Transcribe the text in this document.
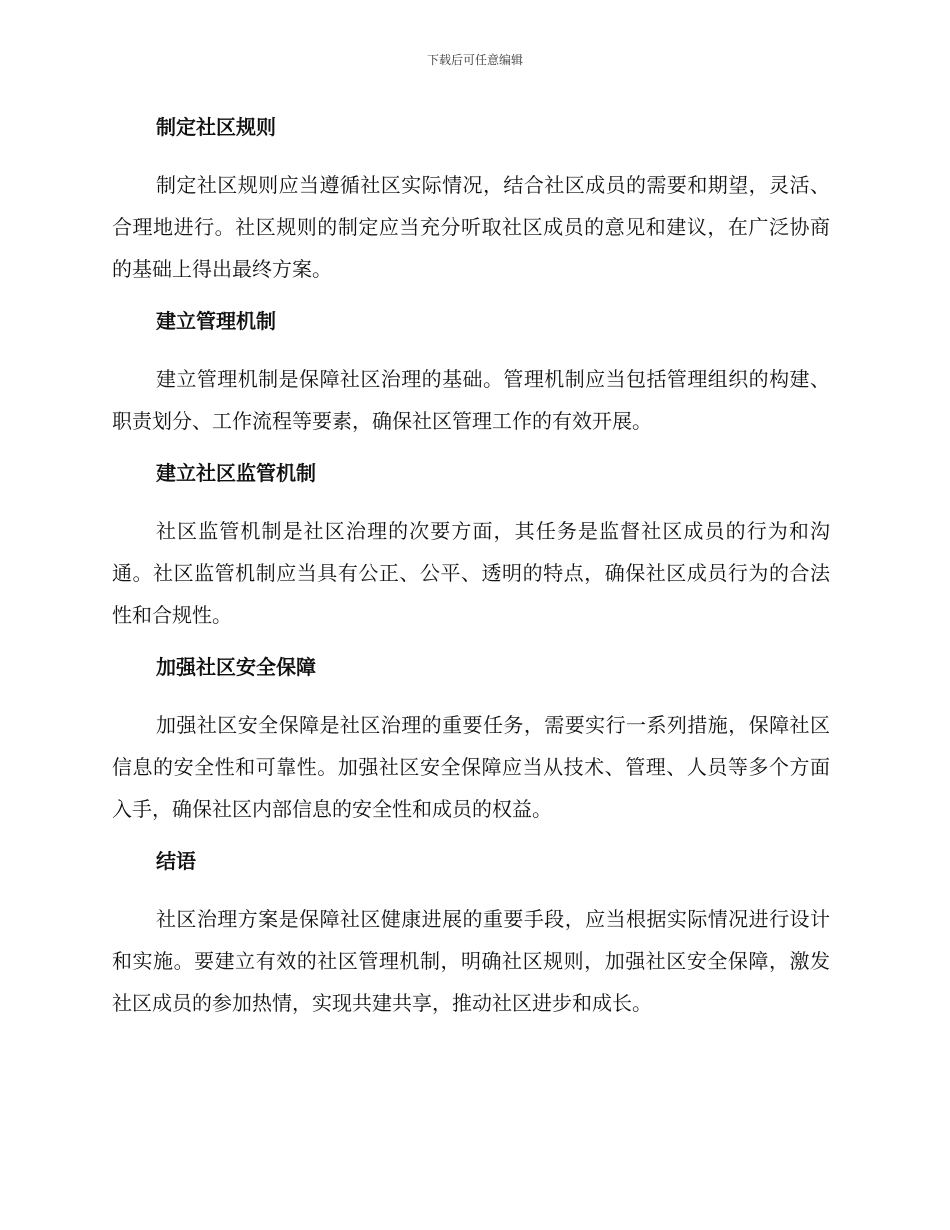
下载后可任意编辑
制定社区规则

制定社区规则应当遵循社区实际情况，结合社区成员的需要和期望，灵活、合理地进行。社区规则的制定应当充分听取社区成员的意见和建议，在广泛协商的基础上得出最终方案。

建立管理机制

建立管理机制是保障社区治理的基础。管理机制应当包括管理组织的构建、职责划分、工作流程等要素，确保社区管理工作的有效开展。

建立社区监管机制

社区监管机制是社区治理的次要方面，其任务是监督社区成员的行为和沟通。社区监管机制应当具有公正、公平、透明的特点，确保社区成员行为的合法性和合规性。

加强社区安全保障

加强社区安全保障是社区治理的重要任务，需要实行一系列措施，保障社区信息的安全性和可靠性。加强社区安全保障应当从技术、管理、人员等多个方面入手，确保社区内部信息的安全性和成员的权益。

结语

社区治理方案是保障社区健康进展的重要手段，应当根据实际情况进行设计和实施。要建立有效的社区管理机制，明确社区规则，加强社区安全保障，激发社区成员的参加热情，实现共建共享，推动社区进步和成长。
